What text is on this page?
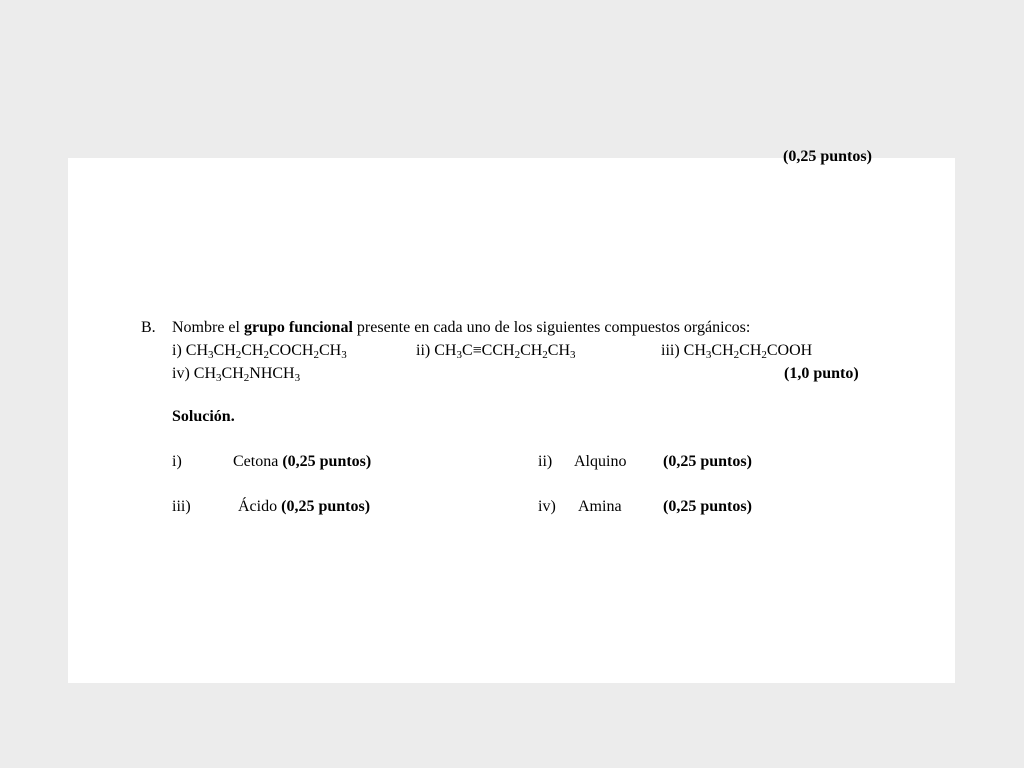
(0,25 puntos)
B. Nombre el grupo funcional presente en cada uno de los siguientes compuestos orgánicos:
i) $CH_3CH_2CH_2COCH_2CH_3$	ii) $CH_3C\equiv CCH_2CH_2CH_3$	iii) $CH_3CH_2CH_2COOH$
iv) $CH_3CH_2NHCH_3$	(1,0 punto)
Solución.
i)	Cetona (0,25 puntos)	ii) Alquino (0,25 puntos)
iii)	Ácido (0,25 puntos)	iv) Amina	(0,25 puntos)
